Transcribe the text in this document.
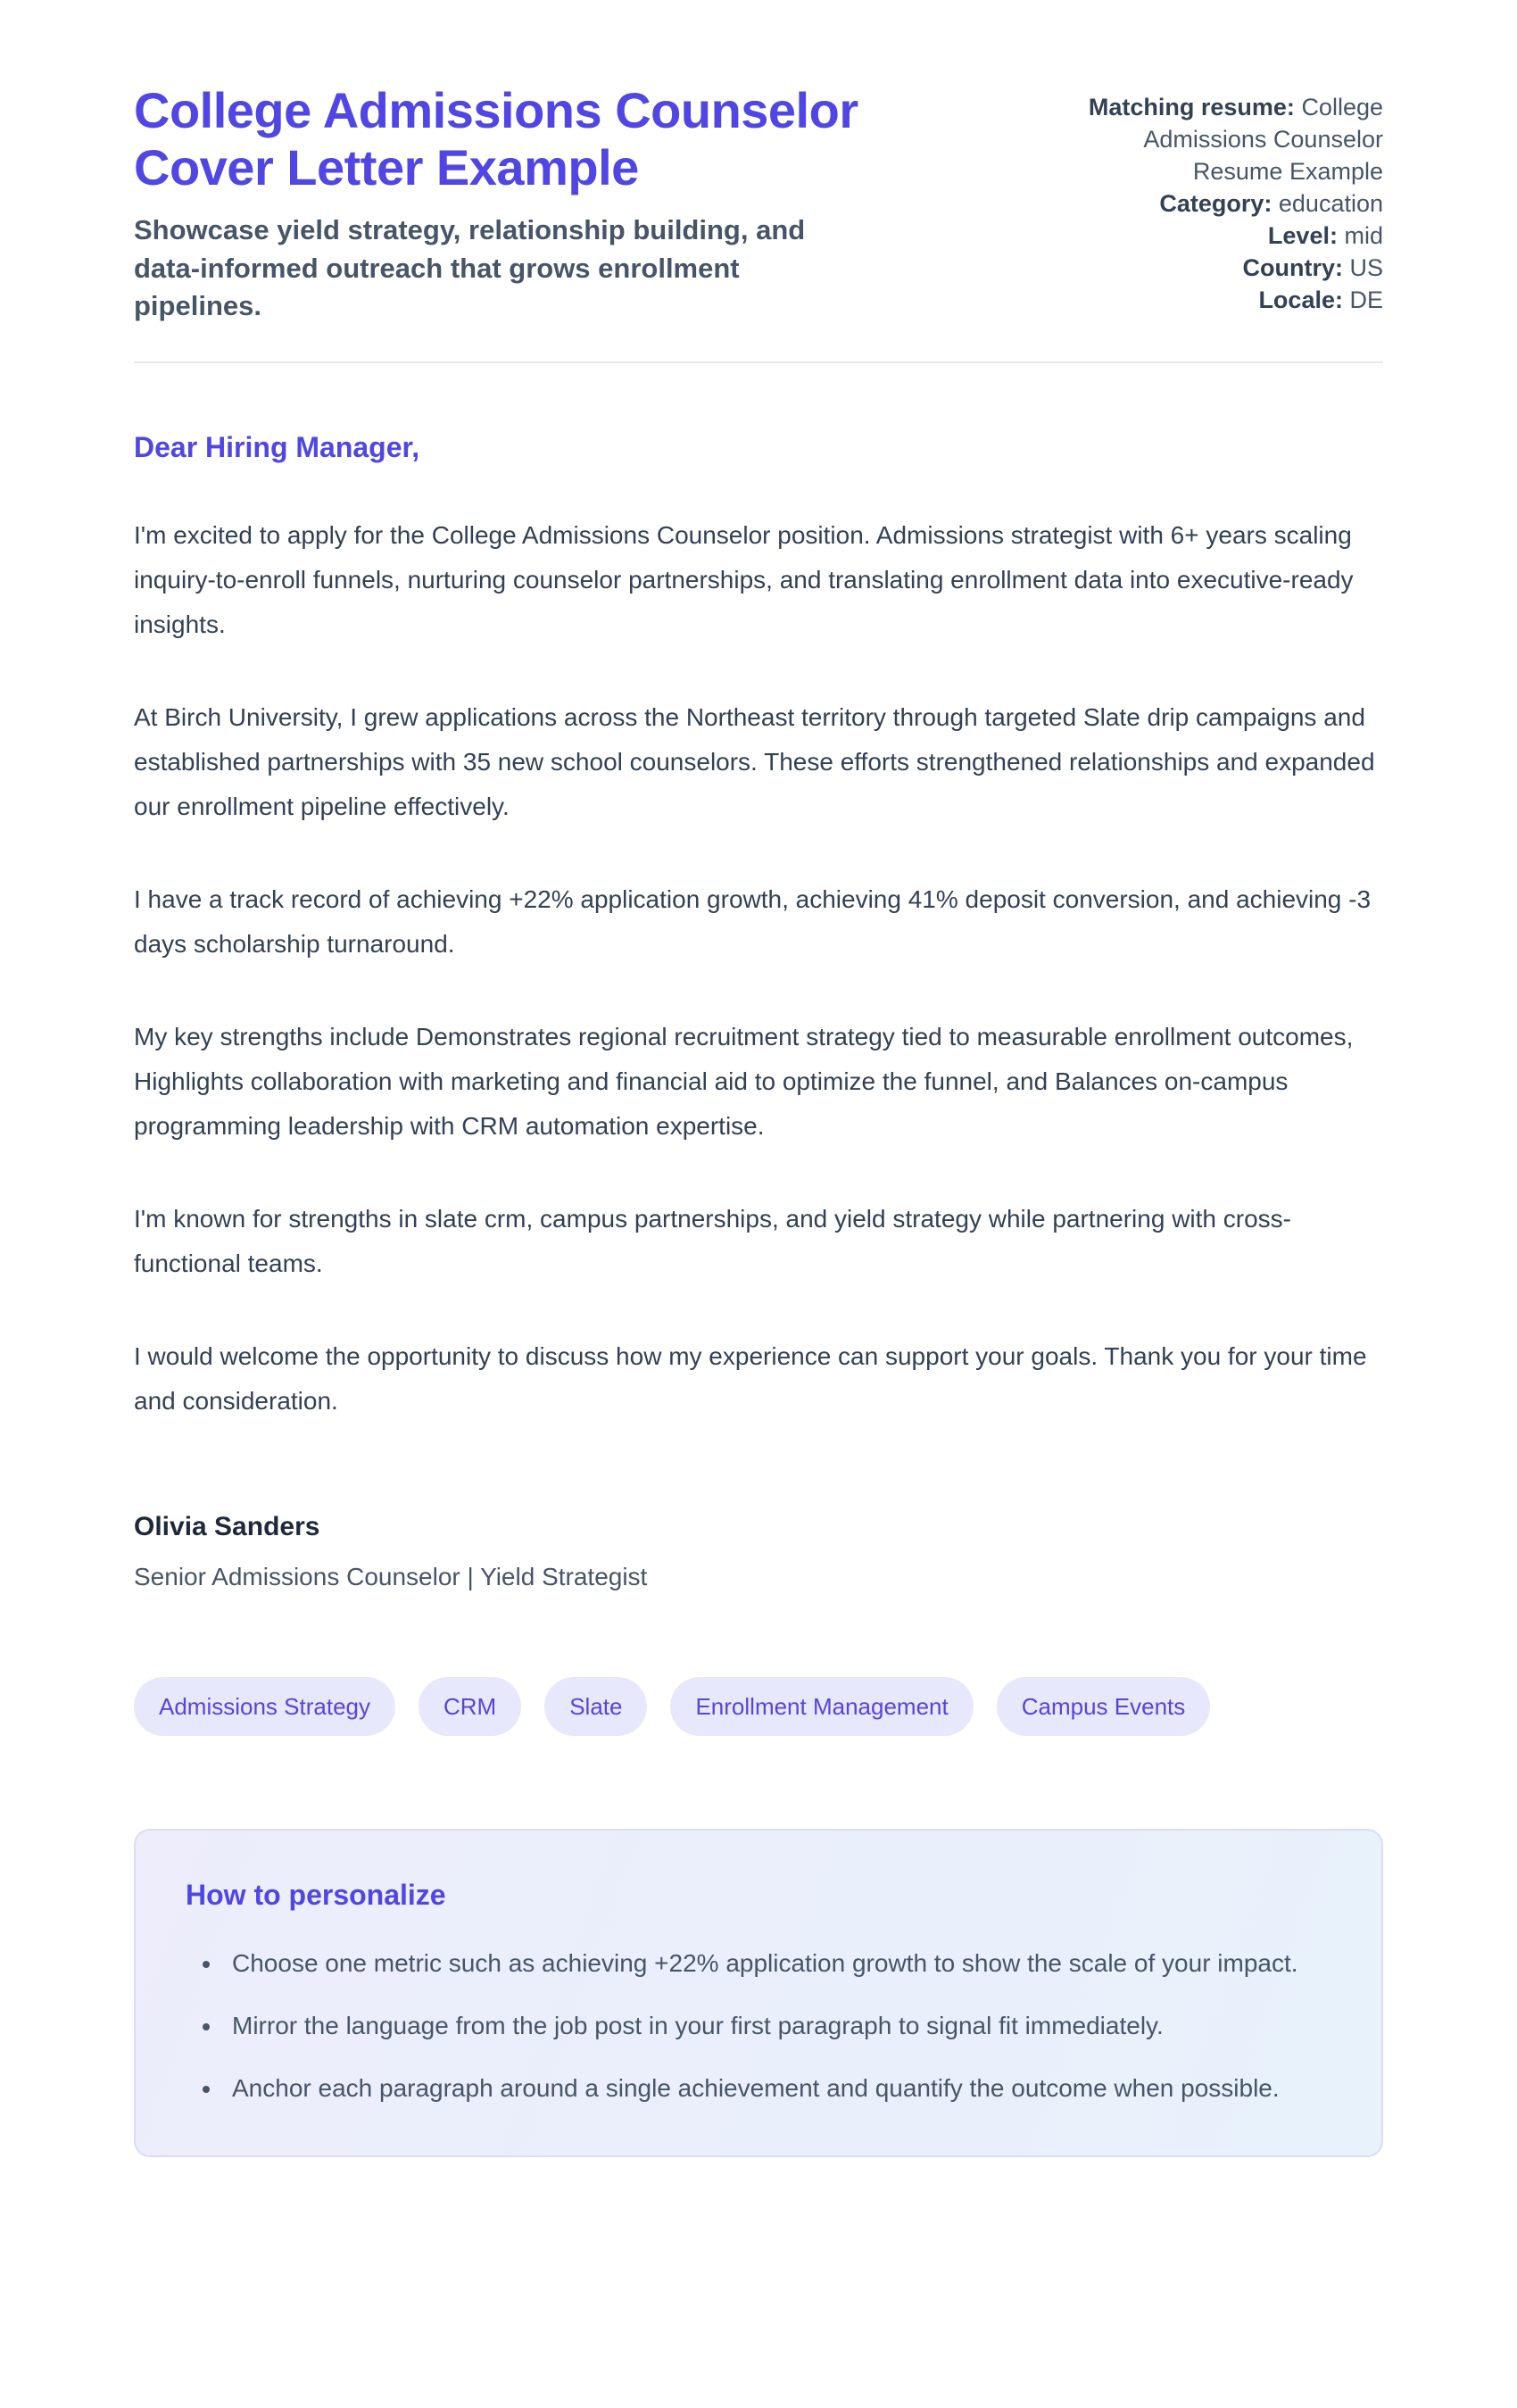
College Admissions Counselor Cover Letter Example

Showcase yield strategy, relationship building, and data-informed outreach that grows enrollment pipelines.

Matching resume: College Admissions Counselor Resume Example
Category: education
Level: mid
Country: US
Locale: DE

Dear Hiring Manager,

I'm excited to apply for the College Admissions Counselor position. Admissions strategist with 6+ years scaling inquiry-to-enroll funnels, nurturing counselor partnerships, and translating enrollment data into executive-ready insights.

At Birch University, I grew applications across the Northeast territory through targeted Slate drip campaigns and established partnerships with 35 new school counselors. These efforts strengthened relationships and expanded our enrollment pipeline effectively.

I have a track record of achieving +22% application growth, achieving 41% deposit conversion, and achieving -3 days scholarship turnaround.

My key strengths include Demonstrates regional recruitment strategy tied to measurable enrollment outcomes, Highlights collaboration with marketing and financial aid to optimize the funnel, and Balances on-campus programming leadership with CRM automation expertise.

I'm known for strengths in slate crm, campus partnerships, and yield strategy while partnering with cross-functional teams.

I would welcome the opportunity to discuss how my experience can support your goals. Thank you for your time and consideration.

Olivia Sanders

Senior Admissions Counselor | Yield Strategist

Admissions Strategy	CRM	Slate	Enrollment Management	Campus Events
How to personalize
• Choose one metric such as achieving +22% application growth to show the scale of your impact.
• Mirror the language from the job post in your first paragraph to signal fit immediately.
• Anchor each paragraph around a single achievement and quantify the outcome when possible.
